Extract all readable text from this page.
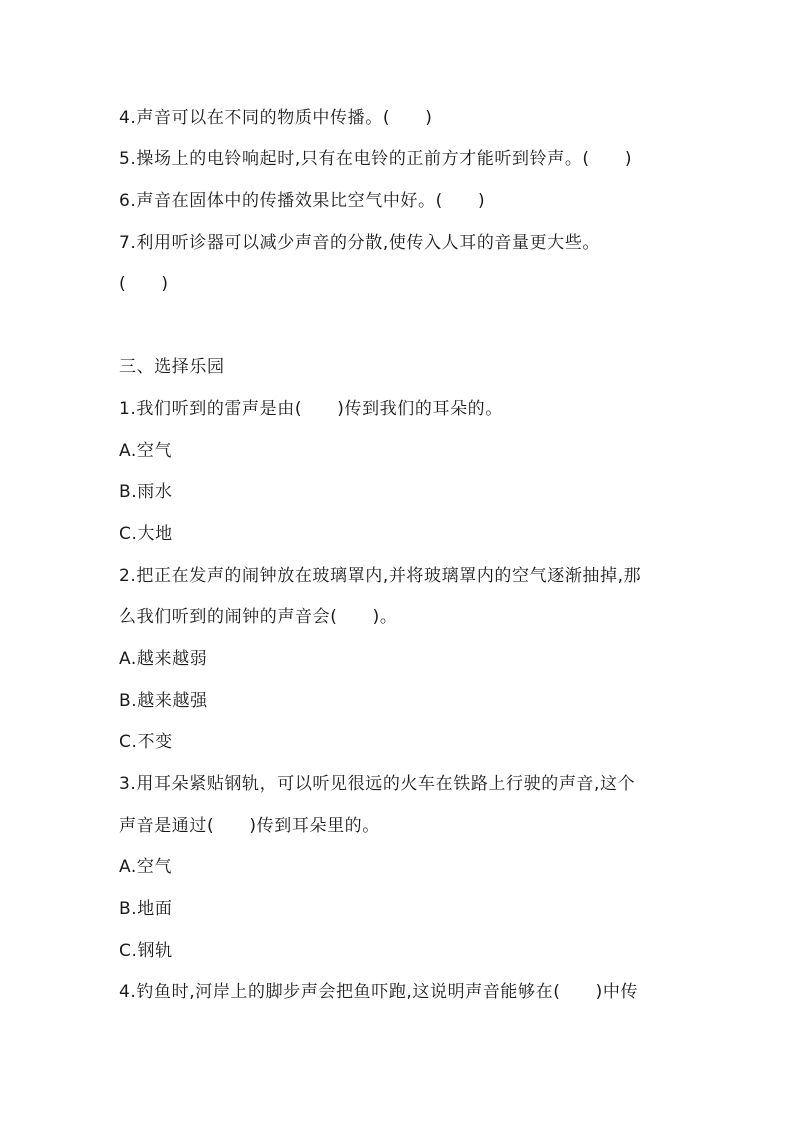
4.声音可以在不同的物质中传播。(　　)
5.操场上的电铃响起时,只有在电铃的正前方才能听到铃声。(　　)
6.声音在固体中的传播效果比空气中好。(　　)
7.利用听诊器可以减少声音的分散,使传入人耳的音量更大些。
(　　)
三、选择乐园
1.我们听到的雷声是由(　　)传到我们的耳朵的。
A.空气
B.雨水
C.大地
2.把正在发声的闹钟放在玻璃罩内,并将玻璃罩内的空气逐渐抽掉,那
么我们听到的闹钟的声音会(　　)。
A.越来越弱
B.越来越强
C.不变
3.用耳朵紧贴钢轨，可以听见很远的火车在铁路上行驶的声音,这个
声音是通过(　　)传到耳朵里的。
A.空气
B.地面
C.钢轨
4.钓鱼时,河岸上的脚步声会把鱼吓跑,这说明声音能够在(　　)中传
